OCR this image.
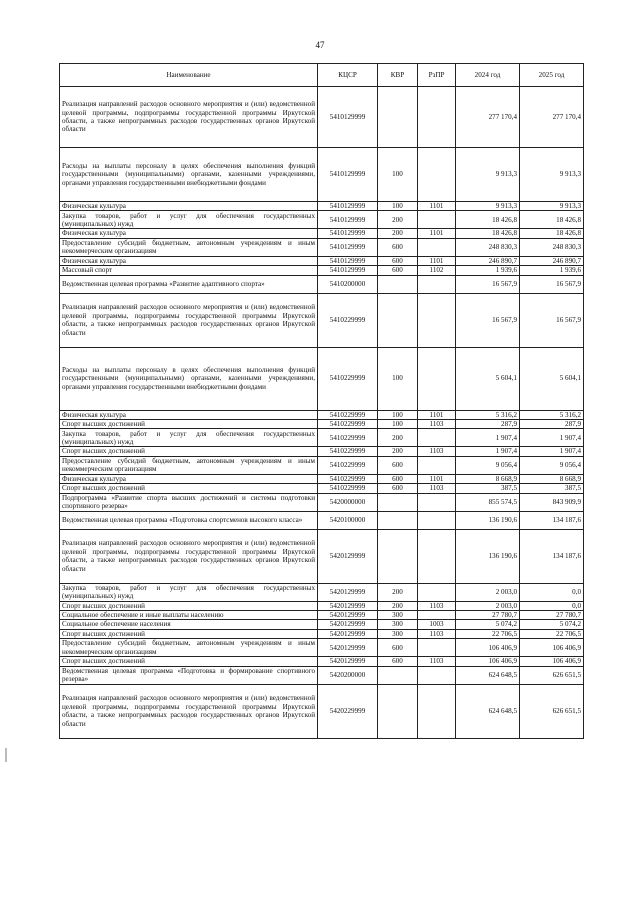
47
Наименование	КЦСР	КВР	РзПР	2024 год	2025 год
Реализация направлений расходов основного мероприятия и (или) ведомственной целевой программы, подпрограммы государственной программы Иркутской области, а также непрограммных расходов государственных органов Иркутской области	5410129999			277 170,4	277 170,4
Расходы на выплаты персоналу в целях обеспечения выполнения функций государственными (муниципальными) органами, казенными учреждениями, органами управления государственными внебюджетными фондами	5410129999	100		9 913,3	9 913,3
Физическая культура	5410129999	100	1101	9 913,3	9 913,3
Закупка товаров, работ и услуг для обеспечения государственных (муниципальных) нужд	5410129999	200		18 426,8	18 426,8
Физическая культура	5410129999	200	1101	18 426,8	18 426,8
Предоставление субсидий бюджетным, автономным учреждениям и иным некоммерческим организациям	5410129999	600		248 830,3	248 830,3
Физическая культура	5410129999	600	1101	246 890,7	246 890,7
Массовый спорт	5410129999	600	1102	1 939,6	1 939,6
Ведомственная целевая программа «Развитие адаптивного спорта»	5410200000			16 567,9	16 567,9
Реализация направлений расходов основного мероприятия и (или) ведомственной целевой программы, подпрограммы государственной программы Иркутской области, а также непрограммных расходов государственных органов Иркутской области	5410229999			16 567,9	16 567,9
Расходы на выплаты персоналу в целях обеспечения выполнения функций государственными (муниципальными) органами, казенными учреждениями, органами управления государственными внебюджетными фондами	5410229999	100		5 604,1	5 604,1
Физическая культура	5410229999	100	1101	5 316,2	5 316,2
Спорт высших достижений	5410229999	100	1103	287,9	287,9
Закупка товаров, работ и услуг для обеспечения государственных (муниципальных) нужд	5410229999	200		1 907,4	1 907,4
Спорт высших достижений	5410229999	200	1103	1 907,4	1 907,4
Предоставление субсидий бюджетным, автономным учреждениям и иным некоммерческим организациям	5410229999	600		9 056,4	9 056,4
Физическая культура	5410229999	600	1101	8 668,9	8 668,9
Спорт высших достижений	5410229999	600	1103	387,5	387,5
Подпрограмма «Развитие спорта высших достижений и системы подготовки спортивного резерва»	5420000000			855 574,5	843 909,9
Ведомственная целевая программа «Подготовка спортсменов высокого класса»	5420100000			136 190,6	134 187,6
Реализация направлений расходов основного мероприятия и (или) ведомственной целевой программы, подпрограммы государственной программы Иркутской области, а также непрограммных расходов государственных органов Иркутской области	5420129999			136 190,6	134 187,6
Закупка товаров, работ и услуг для обеспечения государственных (муниципальных) нужд	5420129999	200		2 003,0	0,0
Спорт высших достижений	5420129999	200	1103	2 003,0	0,0
Социальное обеспечение и иные выплаты населению	5420129999	300		27 780,7	27 780,7
Социальное обеспечение населения	5420129999	300	1003	5 074,2	5 074,2
Спорт высших достижений	5420129999	300	1103	22 706,5	22 706,5
Предоставление субсидий бюджетным, автономным учреждениям и иным некоммерческим организациям	5420129999	600		106 406,9	106 406,9
Спорт высших достижений	5420129999	600	1103	106 406,9	106 406,9
Ведомственная целевая программа «Подготовка и формирование спортивного резерва»	5420200000			624 648,5	626 651,5
Реализация направлений расходов основного мероприятия и (или) ведомственной целевой программы, подпрограммы государственной программы Иркутской области, а также непрограммных расходов государственных органов Иркутской области	5420229999			624 648,5	626 651,5
